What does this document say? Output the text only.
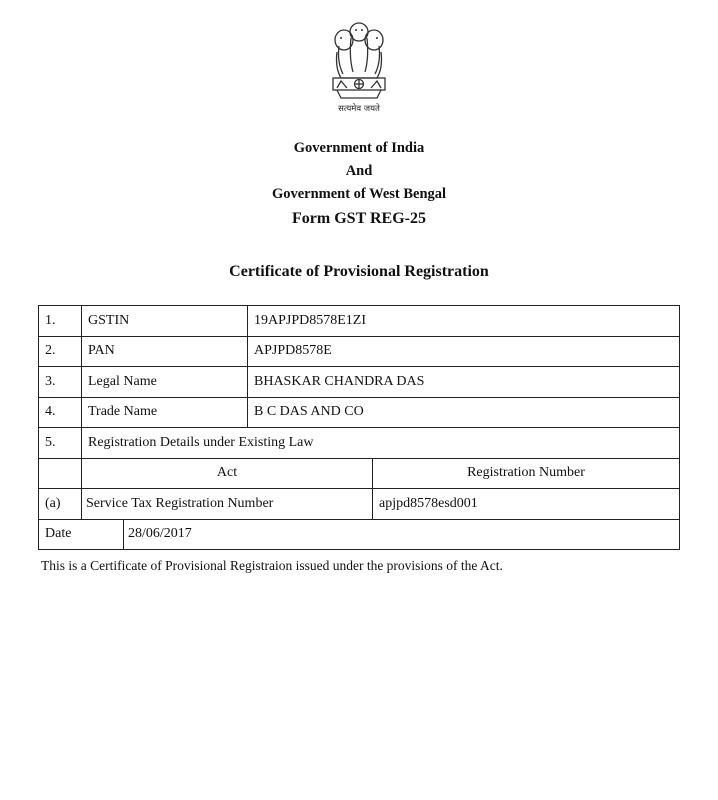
सत्यमेव जयते
Government of India
And
Government of West Bengal
Form GST REG-25
Certificate of Provisional Registration
1.	GSTIN		19APJPD8578E1ZI	
2.	PAN		APJPD8578E	
3.	Legal Name		BHASKAR CHANDRA DAS	
4.	Trade Name		B C DAS AND CO	
5.	Registration Details under Existing Law			
	Act			Registration Number
(a)	Service Tax Registration Number			apjpd8578esd001
Date		28/06/2017		
This is a Certificate of Provisional Registraion issued under the provisions of the Act.
